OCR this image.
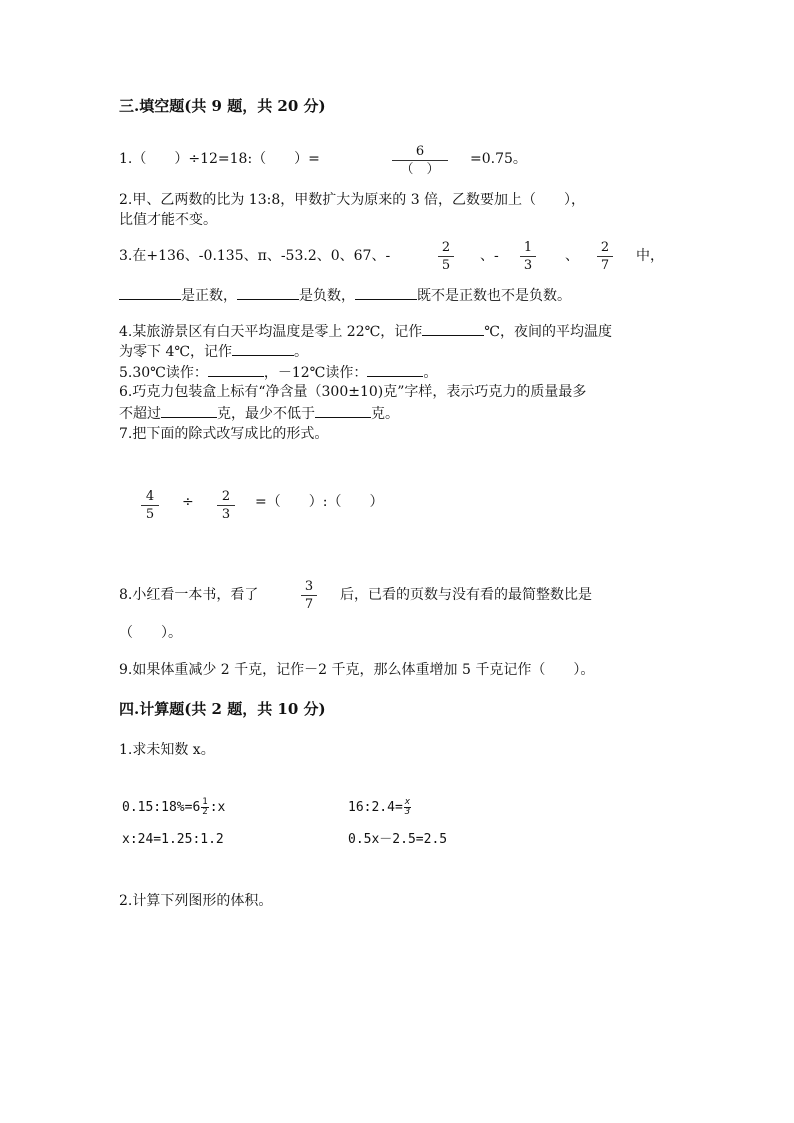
三.填空题(共 9 题，共 20 分)
1.（　　）÷12=18:（　　）=	6
（　）
=0.75。
2.甲、乙两数的比为 13:8，甲数扩大为原来的 3 倍，乙数要加上（　　），
比值才能不变。
3.在+136、-0.135、π、-53.2、0、67、-
2
5
、-
1
3
、
2
7
中，
是正数，	是负数，	既不是正数也不是负数。
4.某旅游景区有白天平均温度是零上 22℃，记作	℃，夜间的平均温度
为零下 4℃，记作	。
5.30℃读作：	，－12℃读作：	。
6.巧克力包装盒上标有“净含量（300±10)克”字样，表示巧克力的质量最多
不超过	克，最少不低于	克。
7.把下面的除式改写成比的形式。
4
5
÷	2
3
=（　　）:（　　）
8.小红看一本书，看了
3
7
后，已看的页数与没有看的最简整数比是
（　　）。
9.如果体重减少 2 千克，记作－2 千克，那么体重增加 5 千克记作（　　）。
四.计算题(共 2 题，共 10 分)
1.求未知数 x。
0.15:18%=6 $\frac{1}{2}$ :x	16:2.4= $\frac{x}{3}$
x:24=1.25:1.2	0.5x－2.5=2.5
2.计算下列图形的体积。
